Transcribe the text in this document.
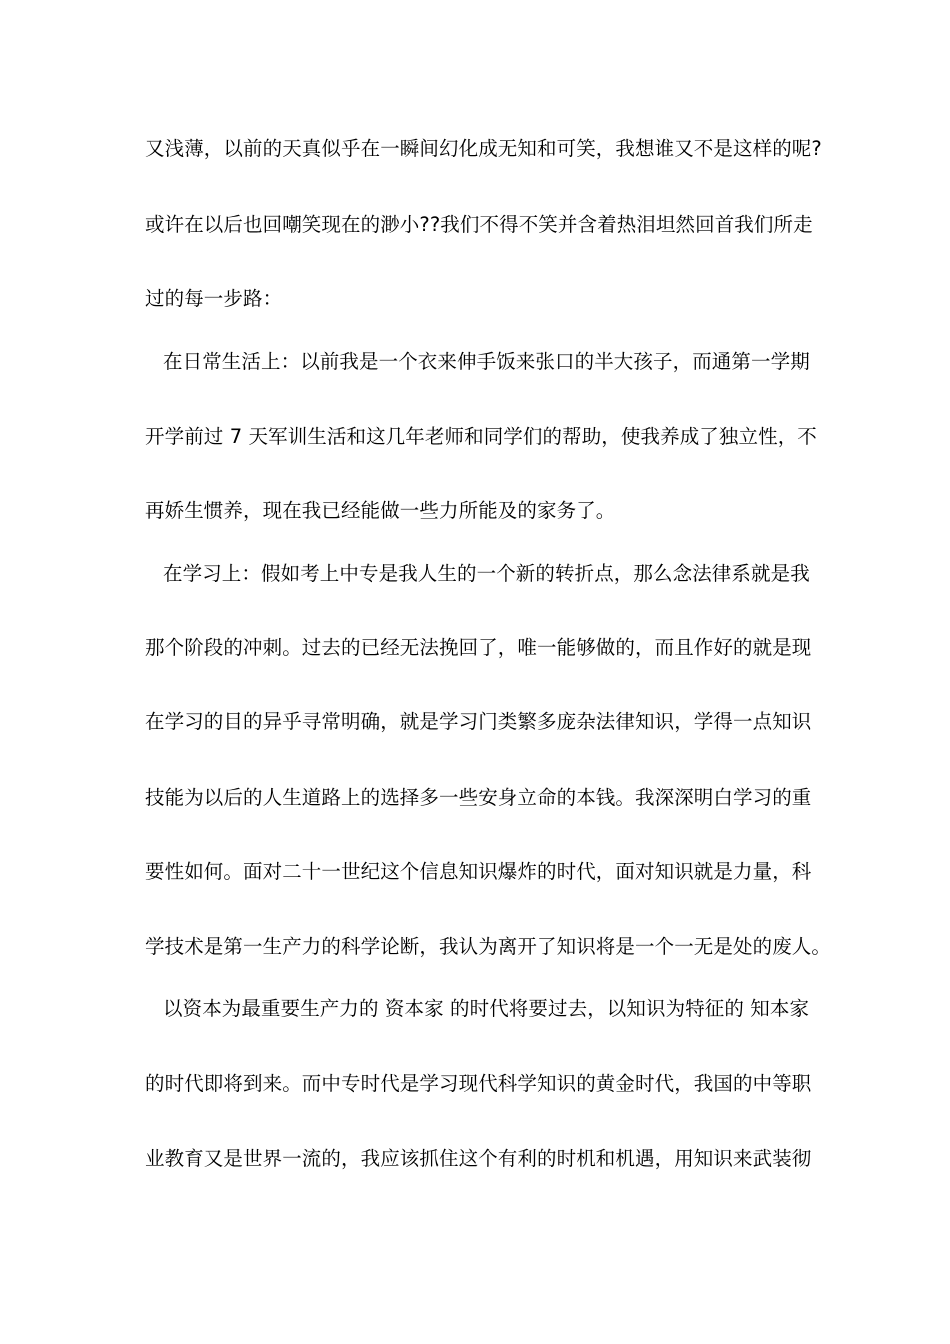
又浅薄，以前的天真似乎在一瞬间幻化成无知和可笑，我想谁又不是这样的呢?
或许在以后也回嘲笑现在的渺小??我们不得不笑并含着热泪坦然回首我们所走
过的每一步路：
在日常生活上：以前我是一个衣来伸手饭来张口的半大孩子，而通第一学期
开学前过 7 天军训生活和这几年老师和同学们的帮助，使我养成了独立性，不
再娇生惯养，现在我已经能做一些力所能及的家务了。
在学习上：假如考上中专是我人生的一个新的转折点，那么念法律系就是我
那个阶段的冲刺。过去的已经无法挽回了，唯一能够做的，而且作好的就是现
在学习的目的异乎寻常明确，就是学习门类繁多庞杂法律知识，学得一点知识
技能为以后的人生道路上的选择多一些安身立命的本钱。我深深明白学习的重
要性如何。面对二十一世纪这个信息知识爆炸的时代，面对知识就是力量，科
学技术是第一生产力的科学论断，我认为离开了知识将是一个一无是处的废人。
以资本为最重要生产力的 资本家 的时代将要过去，以知识为特征的 知本家
的时代即将到来。而中专时代是学习现代科学知识的黄金时代，我国的中等职
业教育又是世界一流的，我应该抓住这个有利的时机和机遇，用知识来武装彻
